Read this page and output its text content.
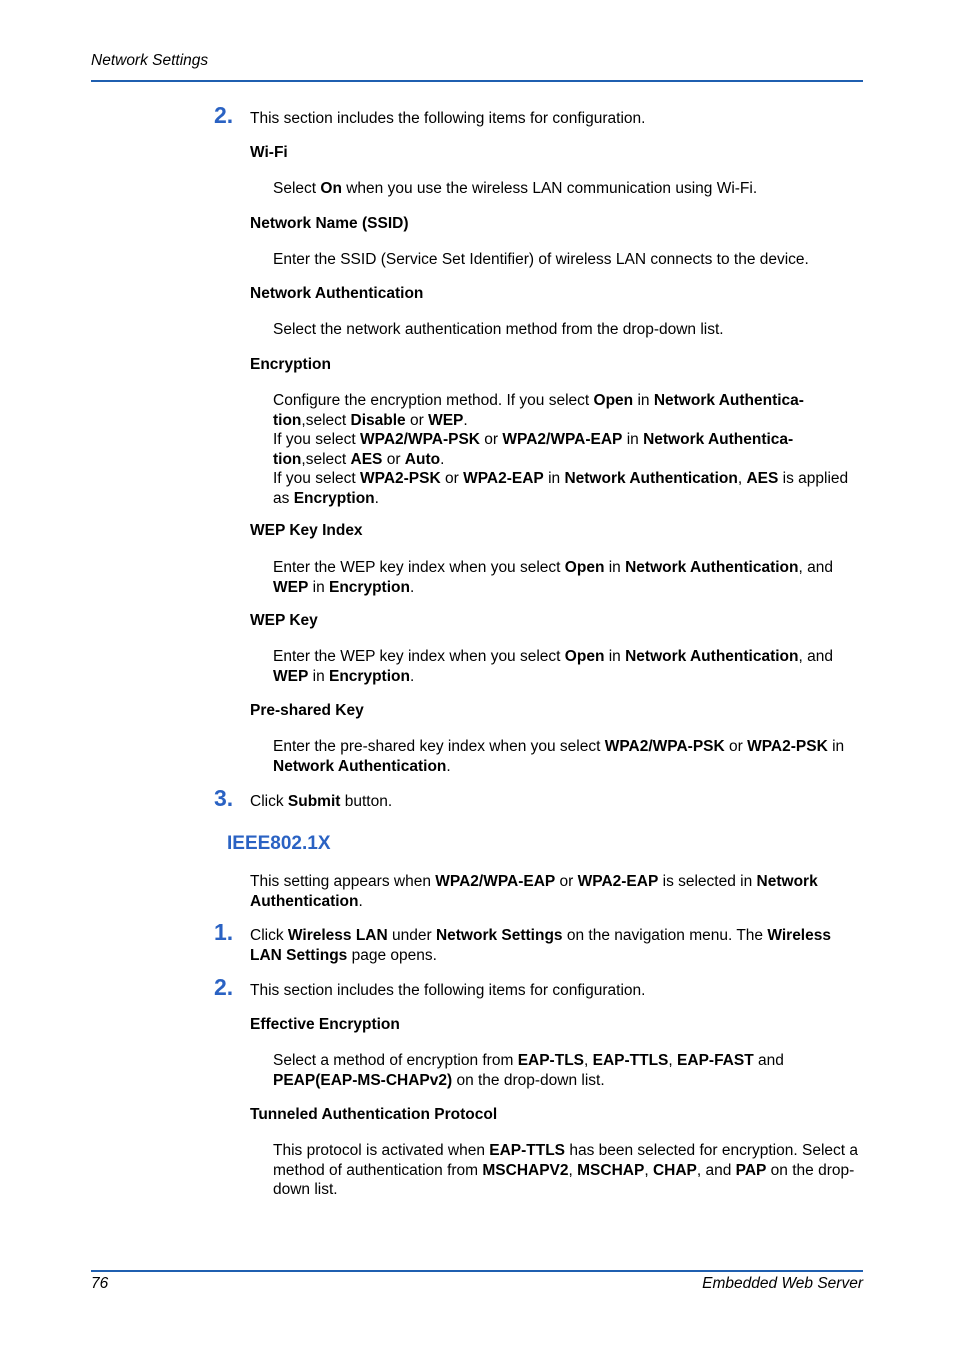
Network Settings
2. This section includes the following items for configuration.
Wi-Fi
Select On when you use the wireless LAN communication using Wi-Fi.
Network Name (SSID)
Enter the SSID (Service Set Identifier) of wireless LAN connects to the device.
Network Authentication
Select the network authentication method from the drop-down list.
Encryption
Configure the encryption method. If you select Open in Network Authentica-tion,select Disable or WEP.
If you select WPA2/WPA-PSK or WPA2/WPA-EAP in Network Authentica-tion,select AES or Auto.
If you select WPA2-PSK or WPA2-EAP in Network Authentication, AES is applied as Encryption.
WEP Key Index
Enter the WEP key index when you select Open in Network Authentication, and WEP in Encryption.
WEP Key
Enter the WEP key index when you select Open in Network Authentication, and WEP in Encryption.
Pre-shared Key
Enter the pre-shared key index when you select WPA2/WPA-PSK or WPA2-PSK in Network Authentication.
3. Click Submit button.
IEEE802.1X
This setting appears when WPA2/WPA-EAP or WPA2-EAP is selected in Network Authentication.
1. Click Wireless LAN under Network Settings on the navigation menu. The Wireless LAN Settings page opens.
2. This section includes the following items for configuration.
Effective Encryption
Select a method of encryption from EAP-TLS, EAP-TTLS, EAP-FAST and PEAP(EAP-MS-CHAPv2) on the drop-down list.
Tunneled Authentication Protocol
This protocol is activated when EAP-TTLS has been selected for encryption. Select a method of authentication from MSCHAPV2, MSCHAP, CHAP, and PAP on the drop-down list.
76	Embedded Web Server
